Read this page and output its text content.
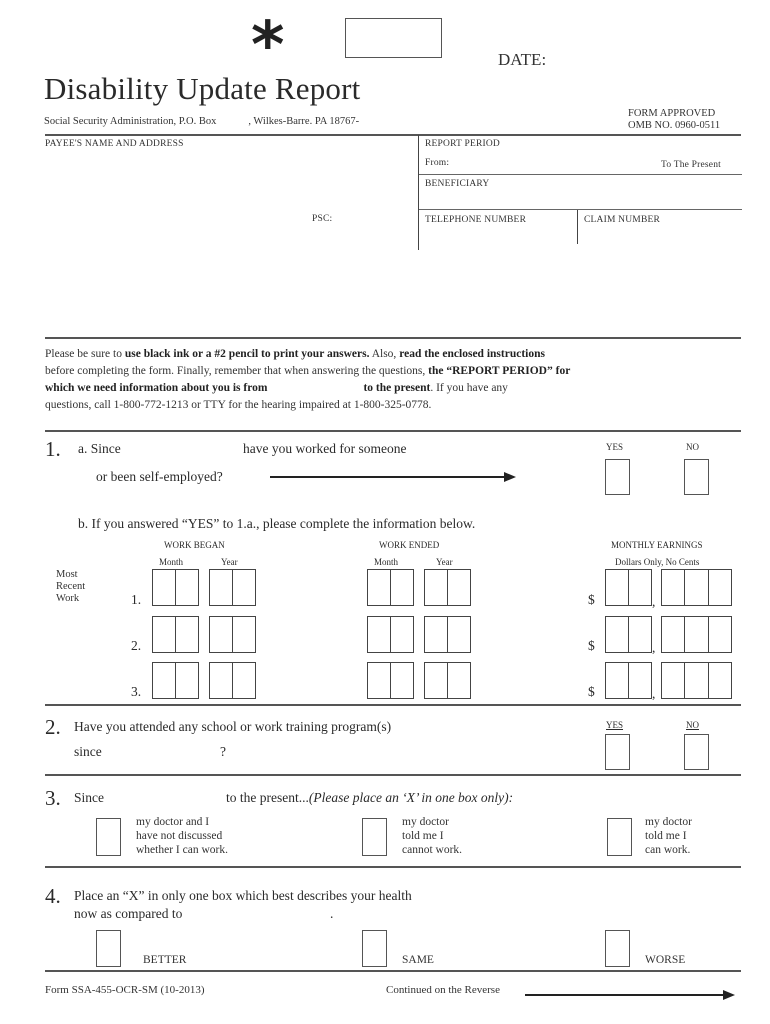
*	DATE:
Disability Update Report
Social Security Administration, P.O. Box	, Wilkes-Barre. PA 18767-
FORM APPROVED
OMB NO. 0960-0511
PAYEE'S NAME AND ADDRESS
PSC:
REPORT PERIOD
From:	To The Present
BENEFICIARY
TELEPHONE NUMBER	CLAIM NUMBER
Please be sure to use black ink or a #2 pencil to print your answers. Also, read the enclosed instructions
before completing the form. Finally, remember that when answering the questions, the “REPORT PERIOD” for
which we need information about you is from	to the present. If you have any
questions, call 1-800-772-1213 or TTY for the hearing impaired at 1-800-325-0778.
1. a. Since	have you worked for someone
or been self-employed?
YES	NO
b. If you answered “YES” to 1.a., please complete the information below.
WORK BEGAN	WORK ENDED	MONTHLY EARNINGS
Month	Year	Month	Year	Dollars Only, No Cents
Most
Recent
Work	1.	$	,
2.	$	,
3.	$	,
2. Have you attended any school or work training program(s)
since	?
YES	NO
3. Since	to the present...(Please place an ‘X’ in one box only):
my doctor and I
have not discussed
whether I can work.
my doctor
told me I
cannot work.
my doctor
told me I
can work.
4. Place an “X” in only one box which best describes your health
now as compared to	.
BETTER	SAME	WORSE
Form SSA-455-OCR-SM (10-2013)	Continued on the Reverse
